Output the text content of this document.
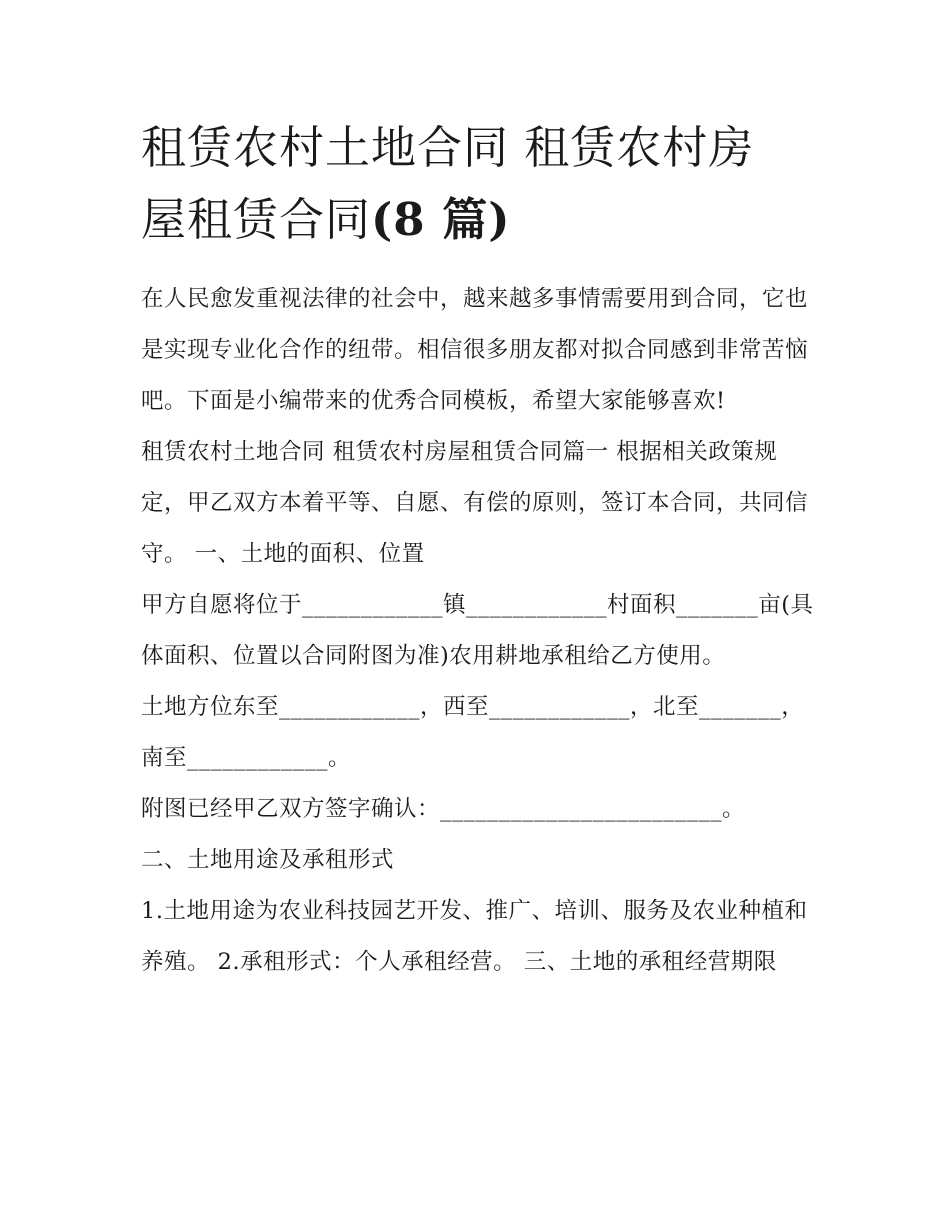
租赁农村土地合同 租赁农村房
屋租赁合同(8 篇)

在人民愈发重视法律的社会中，越来越多事情需要用到合同，它也是实现专业化合作的纽带。相信很多朋友都对拟合同感到非常苦恼吧。下面是小编带来的优秀合同模板，希望大家能够喜欢!

租赁农村土地合同 租赁农村房屋租赁合同篇一 根据相关政策规定，甲乙双方本着平等、自愿、有偿的原则，签订本合同，共同信守。 一、土地的面积、位置

甲方自愿将位于____________镇____________村面积_______亩(具体面积、位置以合同附图为准)农用耕地承租给乙方使用。

土地方位东至____________，西至____________，北至_______，南至____________。

附图已经甲乙双方签字确认：________________________。

二、土地用途及承租形式

1.土地用途为农业科技园艺开发、推广、培训、服务及农业种植和养殖。 2.承租形式：个人承租经营。 三、土地的承租经营期限
